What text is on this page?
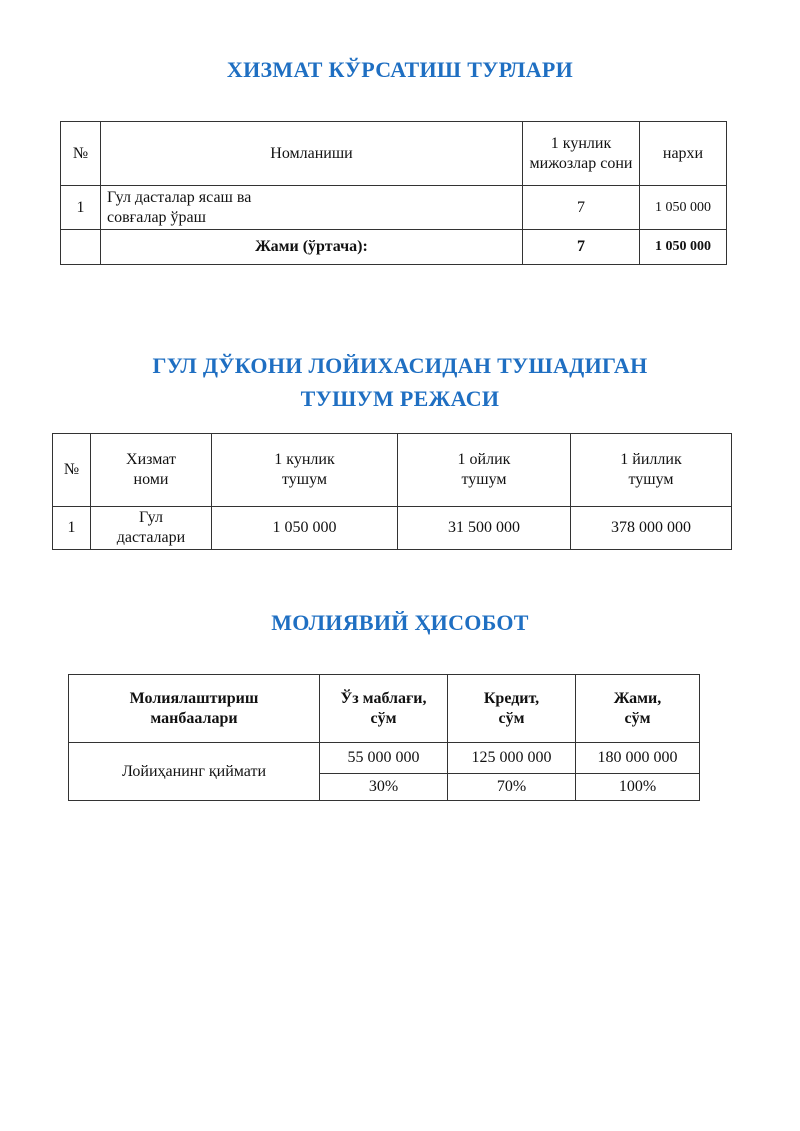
ХИЗМАТ КЎРСАТИШ ТУРЛАРИ
№	Номланиши	1 кунлик мижозлар сони	нархи
1	Гул дасталар ясаш ва совғалар ўраш	7	1 050 000
	Жами (ўртача):	7	1 050 000
ГУЛ ДЎКОНИ ЛОЙИХАСИДАН ТУШАДИГАН
ТУШУМ РЕЖАСИ
№	Хизмат номи	1 кунлик тушум	1 ойлик тушум	1 йиллик тушум

1	Гул дасталари	1 050 000	31 500 000	378 000 000
МОЛИЯВИЙ ҲИСОБОТ
Молиялаштириш манбаалари	Ўз маблағи, сўм	Кредит, сўм	Жами, сўм

Лойиҳанинг қиймати	55 000 000	125 000 000	180 000 000
	30%	70%	100%
